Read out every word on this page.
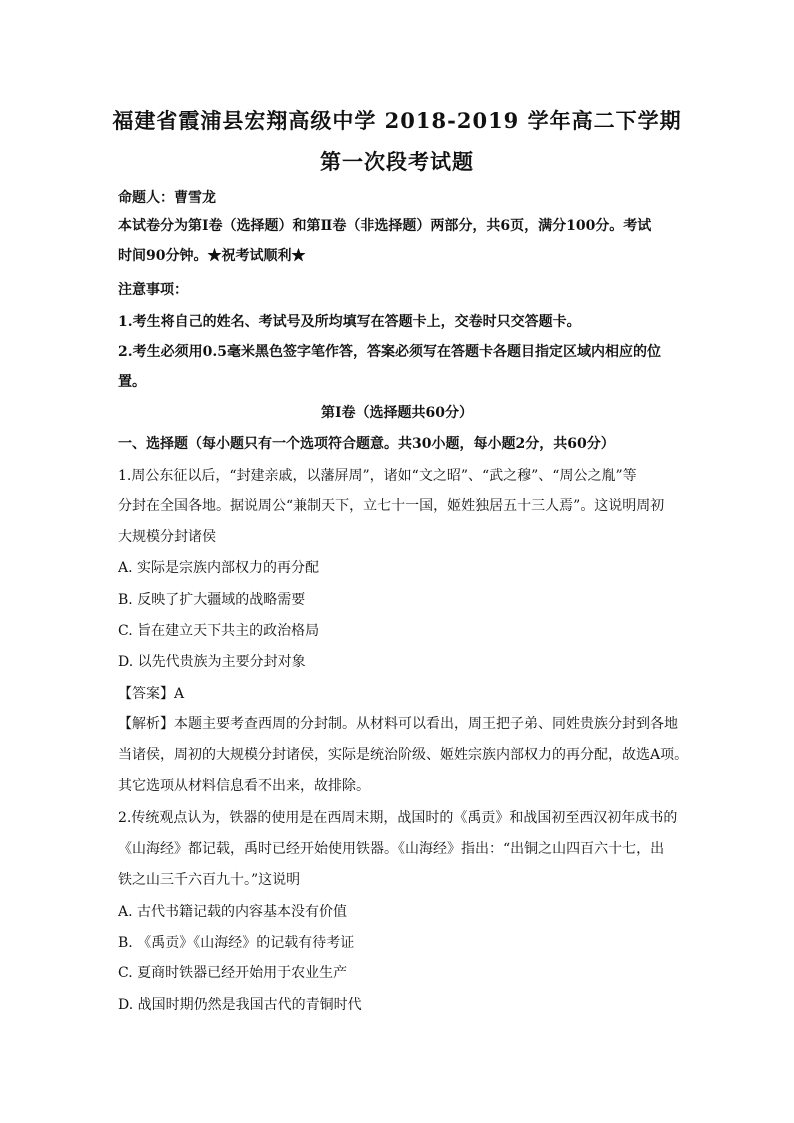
福建省霞浦县宏翔高级中学 2018-2019 学年高二下学期
第一次段考试题
命题人：曹雪龙
本试卷分为第Ⅰ卷（选择题）和第Ⅱ卷（非选择题）两部分，共6页，满分100分。考试
时间90分钟。★祝考试顺利★
注意事项：
1.考生将自己的姓名、考试号及所均填写在答题卡上，交卷时只交答题卡。
2.考生必须用0.5毫米黑色签字笔作答，答案必须写在答题卡各题目指定区域内相应的位
置。
第Ⅰ卷（选择题共60分）
一、选择题（每小题只有一个选项符合题意。共30小题，每小题2分，共60分）
1.周公东征以后，“封建亲戚，以藩屏周”，诸如“文之昭”、“武之穆”、“周公之胤”等
分封在全国各地。据说周公“兼制天下，立七十一国，姬姓独居五十三人焉”。这说明周初
大规模分封诸侯
A. 实际是宗族内部权力的再分配
B. 反映了扩大疆域的战略需要
C. 旨在建立天下共主的政治格局
D. 以先代贵族为主要分封对象
【答案】A
【解析】本题主要考查西周的分封制。从材料可以看出，周王把子弟、同姓贵族分封到各地
当诸侯，周初的大规模分封诸侯，实际是统治阶级、姬姓宗族内部权力的再分配，故选A项。
其它选项从材料信息看不出来，故排除。
2.传统观点认为，铁器的使用是在西周末期，战国时的《禹贡》和战国初至西汉初年成书的
《山海经》都记载，禹时已经开始使用铁器。《山海经》指出：“出铜之山四百六十七，出
铁之山三千六百九十。”这说明
A. 古代书籍记载的内容基本没有价值
B. 《禹贡》《山海经》的记载有待考证
C. 夏商时铁器已经开始用于农业生产
D. 战国时期仍然是我国古代的青铜时代
